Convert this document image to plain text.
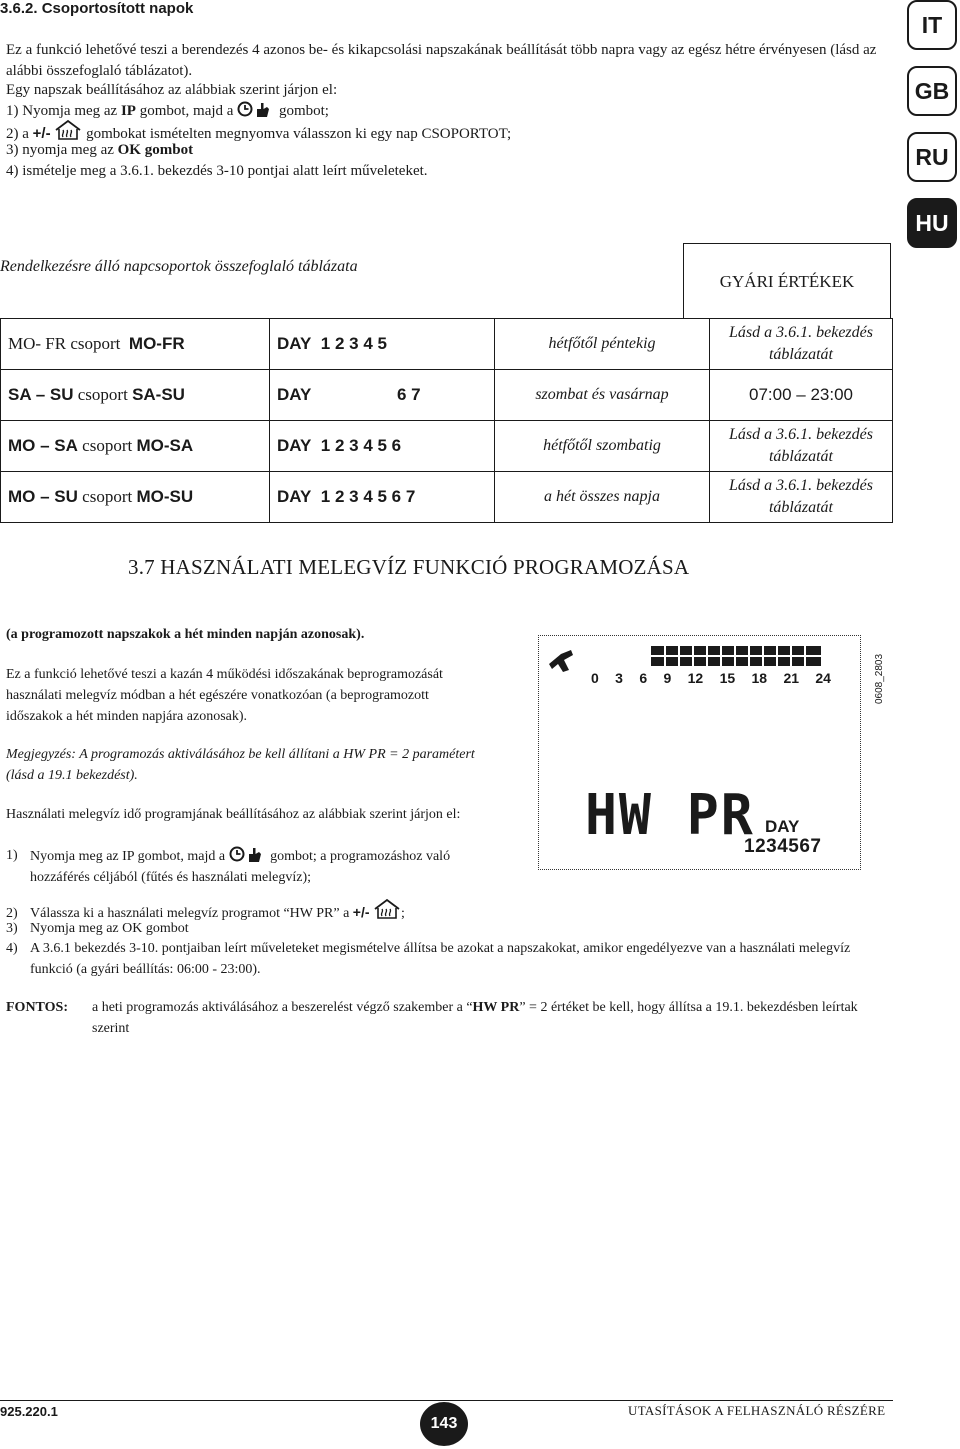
3.6.2. Csoportosított napok
Ez a funkció lehetővé teszi a berendezés 4 azonos be- és kikapcsolási napszakának beállítását több napra vagy az egész hétre érvényesen (lásd az alábbi összefoglaló táblázatot).
Egy napszak beállításához az alábbiak szerint járjon el:
1) Nyomja meg az IP gombot, majd a	gombot;
2) a +/-  gombokat ismételten megnyomva válasszon ki egy nap CSOPORTOT;
3) nyomja meg az OK gombot
4) ismételje meg a 3.6.1. bekezdés 3-10 pontjai alatt leírt műveleteket.
IT
GB
RU
HU
Rendelkezésre álló napcsoportok összefoglaló táblázata
GYÁRI ÉRTÉKEK
MO- FR csoport  MO-FR	DAY 1 2 3 4 5	hétfőtől péntekig	Lásd a 3.6.1. bekezdés táblázatát
SA – SU csoport SA-SU	DAY 6 7	szombat és vasárnap	07:00 – 23:00
MO – SA csoport MO-SA	DAY 1 2 3 4 5 6	hétfőtől szombatig	Lásd a 3.6.1. bekezdés táblázatát
MO – SU csoport MO-SU	DAY 1 2 3 4 5 6 7	a hét összes napja	Lásd a 3.6.1. bekezdés táblázatát
3.7 HASZNÁLATI MELEGVÍZ FUNKCIÓ PROGRAMOZÁSA
(a programozott napszakok a hét minden napján azonosak).
Ez a funkció lehetővé teszi a kazán 4 működési időszakának beprogramozását használati melegvíz módban a hét egészére vonatkozóan (a beprogramozott időszakok a hét minden napjára azonosak).
Megjegyzés: A programozás aktiválásához be kell állítani a HW PR = 2 paramétert (lásd a 19.1 bekezdést).
Használati melegvíz idő programjának beállításához az alábbiak szerint járjon el:
1) Nyomja meg az IP gombot, majd a	gombot; a programozáshoz való hozzáférés céljából (fűtés és használati melegvíz);
2) Válassza ki a használati melegvíz programot “HW PR” a +/- ;
3) Nyomja meg az OK gombot
4) A 3.6.1 bekezdés 3-10. pontjaiban leírt műveleteket megismételve állítsa be azokat a napszakokat, amikor engedélyezve van a használati melegvíz funkció (a gyári beállítás: 06:00 - 23:00).
FONTOS: a heti programozás aktiválásához a beszerelést végző szakember a “HW PR” = 2 értéket be kell, hogy állítsa a 19.1. bekezdésben leírtak szerint
0 3 6 9 12 15 18 21 24
HW PR DAY
1234567
0608_2803
925.220.1
143
UTASÍTÁSOK A FELHASZNÁLÓ RÉSZÉRE
